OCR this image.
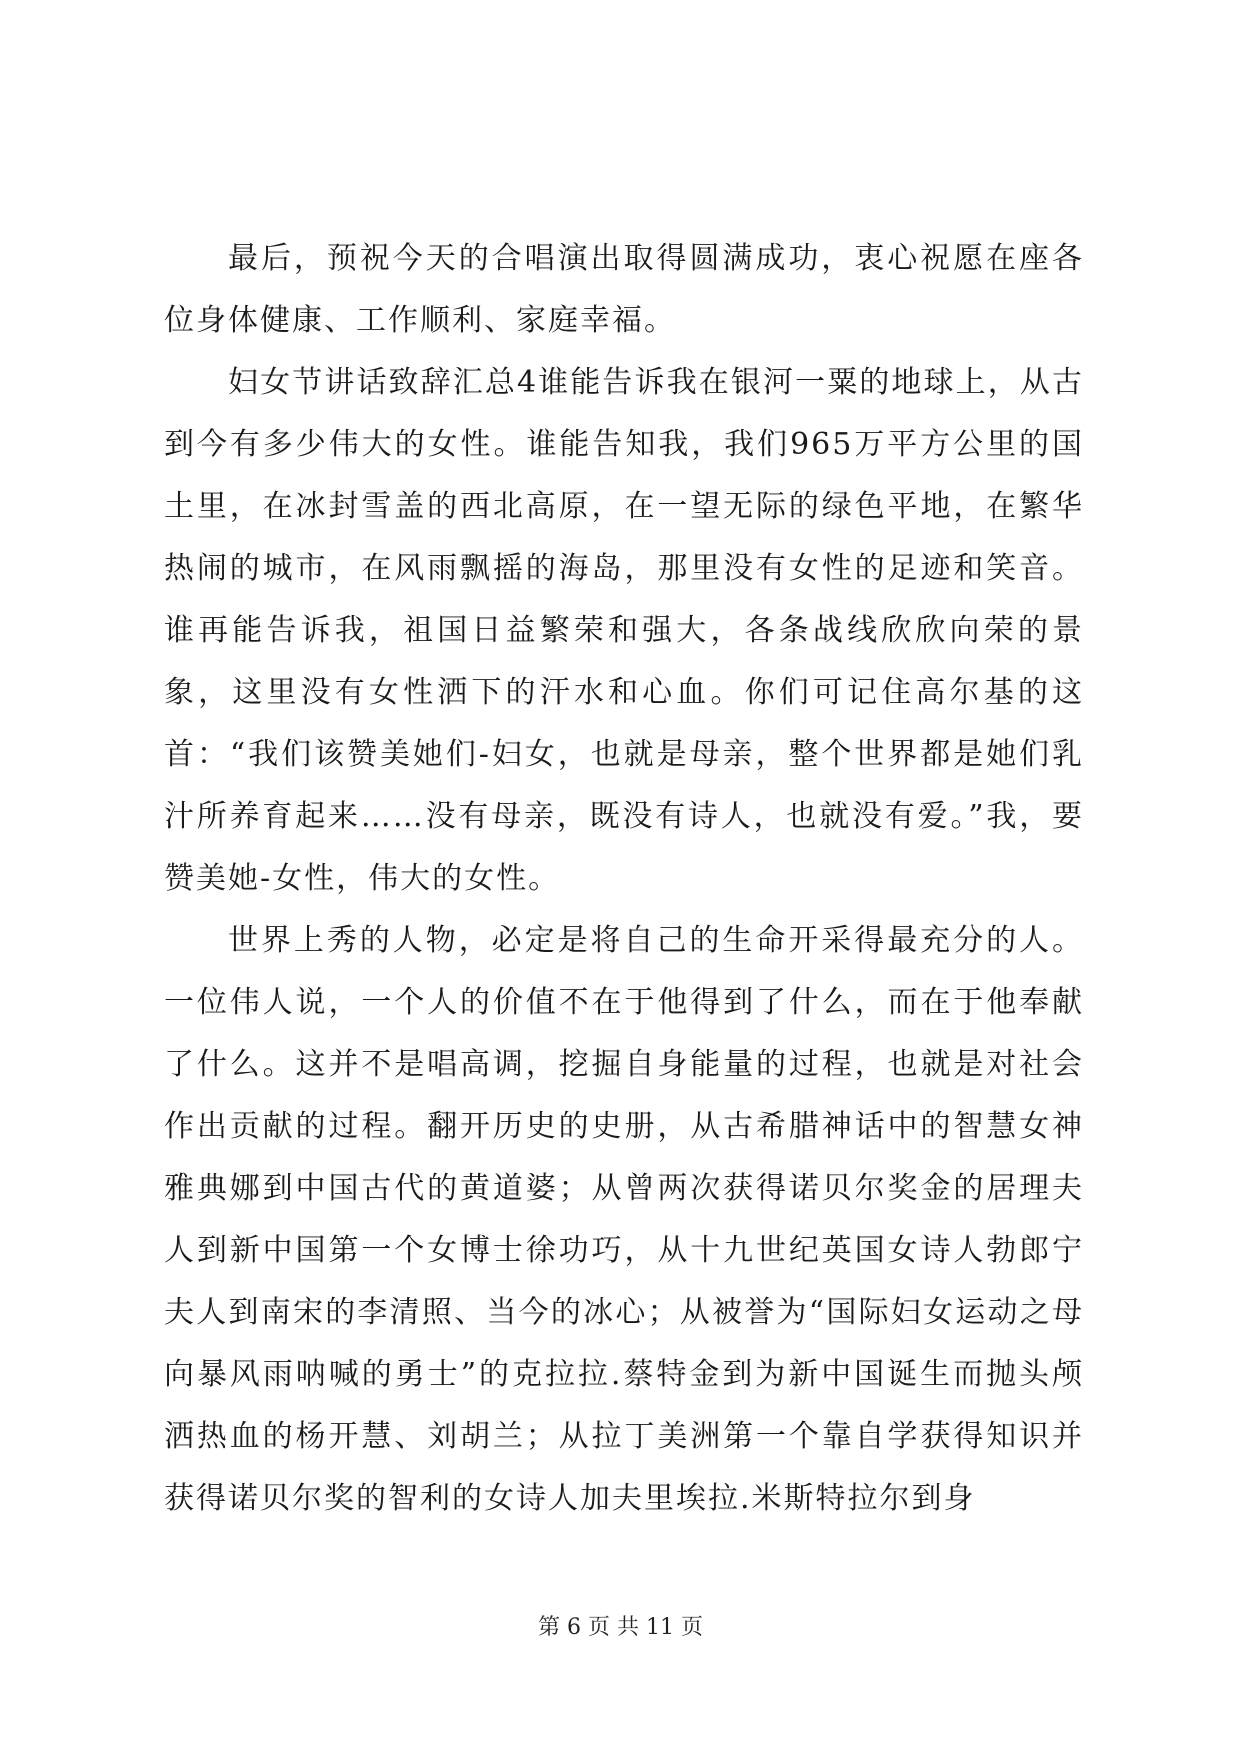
最后，预祝今天的合唱演出取得圆满成功，衷心祝愿在座各位身体健康、工作顺利、家庭幸福。

妇女节讲话致辞汇总4谁能告诉我在银河一粟的地球上，从古到今有多少伟大的女性。谁能告知我，我们965万平方公里的国土里，在冰封雪盖的西北高原，在一望无际的绿色平地，在繁华热闹的城市，在风雨飘摇的海岛，那里没有女性的足迹和笑音。谁再能告诉我，祖国日益繁荣和强大，各条战线欣欣向荣的景象，这里没有女性洒下的汗水和心血。你们可记住高尔基的这首：“我们该赞美她们-妇女，也就是母亲，整个世界都是她们乳汁所养育起来……没有母亲，既没有诗人，也就没有爱。”我，要赞美她-女性，伟大的女性。

世界上秀的人物，必定是将自己的生命开采得最充分的人。一位伟人说，一个人的价值不在于他得到了什么，而在于他奉献了什么。这并不是唱高调，挖掘自身能量的过程，也就是对社会作出贡献的过程。翻开历史的史册，从古希腊神话中的智慧女神雅典娜到中国古代的黄道婆；从曾两次获得诺贝尔奖金的居理夫人到新中国第一个女博士徐功巧，从十九世纪英国女诗人勃郎宁夫人到南宋的李清照、当今的冰心；从被誉为“国际妇女运动之母向暴风雨呐喊的勇士”的克拉拉.蔡特金到为新中国诞生而抛头颅洒热血的杨开慧、刘胡兰；从拉丁美洲第一个靠自学获得知识并获得诺贝尔奖的智利的女诗人加夫里埃拉.米斯特拉尔到身

第 6 页 共 11 页
